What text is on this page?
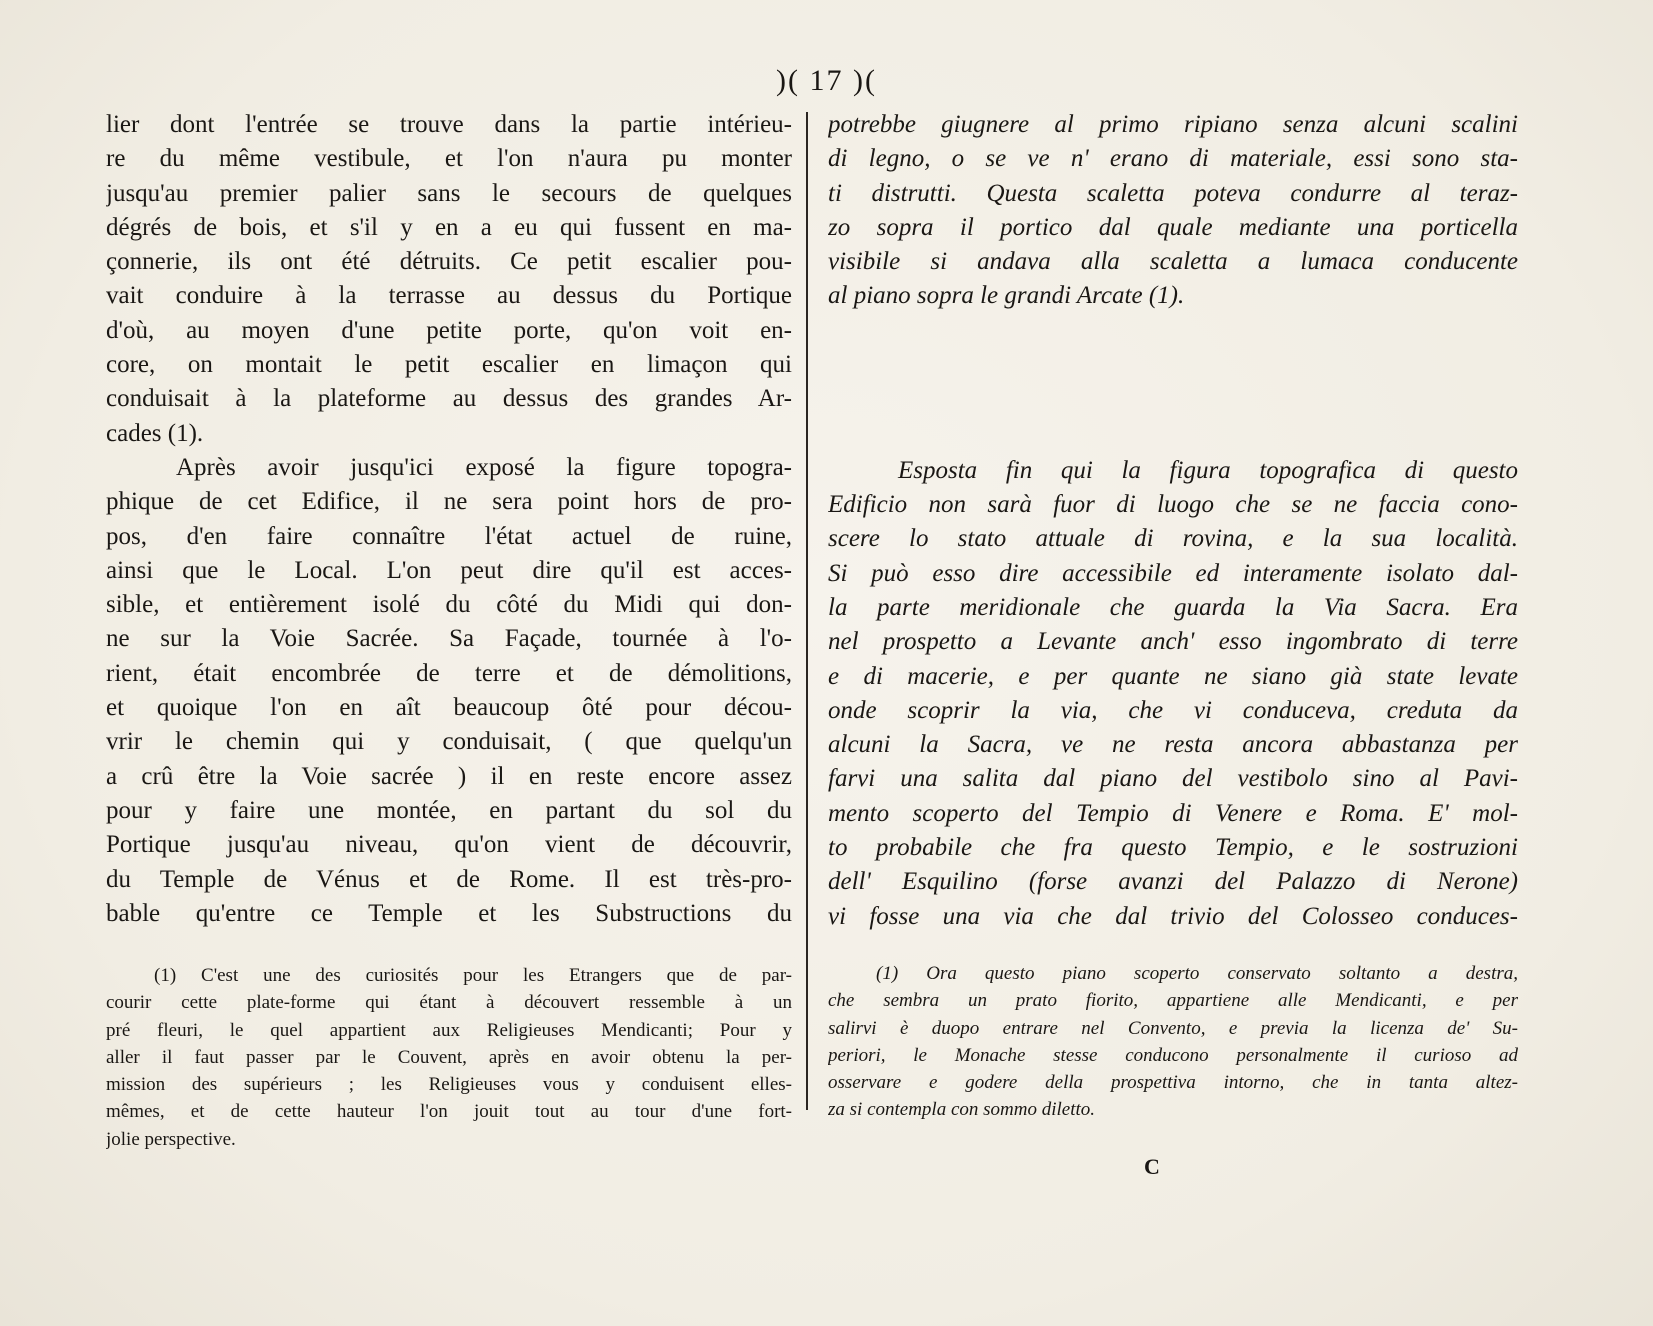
)( 17 )(
lier dont l'entrée se trouve dans la partie intérieu-
re du même vestibule, et l'on n'aura pu monter
jusqu'au premier palier sans le secours de quelques
dégrés de bois, et s'il y en a eu qui fussent en ma-
çonnerie, ils ont été détruits. Ce petit escalier pou-
vait conduire à la terrasse au dessus du Portique
d'où, au moyen d'une petite porte, qu'on voit en-
core, on montait le petit escalier en limaçon qui
conduisait à la plateforme au dessus des grandes Ar-
cades (1).
Après avoir jusqu'ici exposé la figure topogra-
phique de cet Edifice, il ne sera point hors de pro-
pos, d'en faire connaître l'état actuel de ruine,
ainsi que le Local. L'on peut dire qu'il est acces-
sible, et entièrement isolé du côté du Midi qui don-
ne sur la Voie Sacrée. Sa Façade, tournée à l'o-
rient, était encombrée de terre et de démolitions,
et quoique l'on en aît beaucoup ôté pour décou-
vrir le chemin qui y conduisait, ( que quelqu'un
a crû être la Voie sacrée ) il en reste encore assez
pour y faire une montée, en partant du sol du
Portique jusqu'au niveau, qu'on vient de découvrir,
du Temple de Vénus et de Rome. Il est très-pro-
bable qu'entre ce Temple et les Substructions du
potrebbe giugnere al primo ripiano senza alcuni scalini
di legno, o se ve n' erano di materiale, essi sono sta-
ti distrutti. Questa scaletta poteva condurre al teraz-
zo sopra il portico dal quale mediante una porticella
visibile si andava alla scaletta a lumaca conducente
al piano sopra le grandi Arcate (1).
Esposta fin qui la figura topografica di questo
Edificio non sarà fuor di luogo che se ne faccia cono-
scere lo stato attuale di rovina, e la sua località.
Si può esso dire accessibile ed interamente isolato dal-
la parte meridionale che guarda la Via Sacra. Era
nel prospetto a Levante anch' esso ingombrato di terre
e di macerie, e per quante ne siano già state levate
onde scoprir la via, che vi conduceva, creduta da
alcuni la Sacra, ve ne resta ancora abbastanza per
farvi una salita dal piano del vestibolo sino al Pavi-
mento scoperto del Tempio di Venere e Roma. E' mol-
to probabile che fra questo Tempio, e le sostruzioni
dell' Esquilino (forse avanzi del Palazzo di Nerone)
vi fosse una via che dal trivio del Colosseo conduces-
(1) C'est une des curiosités pour les Etrangers que de par-
courir cette plate-forme qui étant à découvert ressemble à un
pré fleuri, le quel appartient aux Religieuses Mendicanti; Pour y
aller il faut passer par le Couvent, après en avoir obtenu la per-
mission des supérieurs ; les Religieuses vous y conduisent elles-
mêmes, et de cette hauteur l'on jouit tout au tour d'une fort-
jolie perspective.
(1) Ora questo piano scoperto conservato soltanto a destra,
che sembra un prato fiorito, appartiene alle Mendicanti, e per
salirvi è duopo entrare nel Convento, e previa la licenza de' Su-
periori, le Monache stesse conducono personalmente il curioso ad
osservare e godere della prospettiva intorno, che in tanta altez-
za si contempla con sommo diletto.
C
